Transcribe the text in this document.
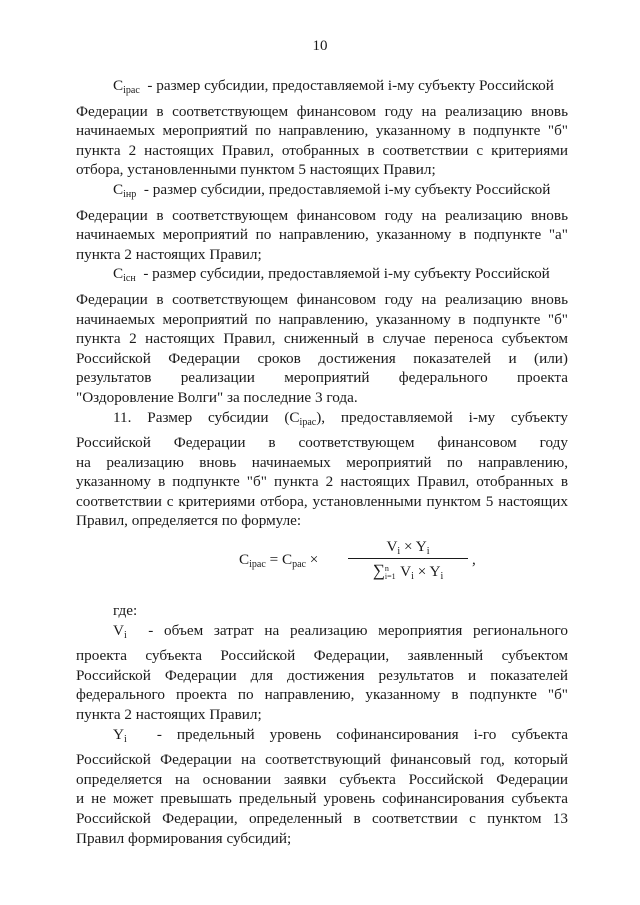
10
Сiрас - размер субсидии, предоставляемой i-му субъекту Российской
Федерации в соответствующем финансовом году на реализацию вновь
начинаемых мероприятий по направлению, указанному в подпункте "б"
пункта 2 настоящих Правил, отобранных в соответствии с критериями
отбора, установленными пунктом 5 настоящих Правил;
Сiнр - размер субсидии, предоставляемой i-му субъекту Российской
Федерации в соответствующем финансовом году на реализацию вновь
начинаемых мероприятий по направлению, указанному в подпункте "а"
пункта 2 настоящих Правил;
Сiсн - размер субсидии, предоставляемой i-му субъекту Российской
Федерации в соответствующем финансовом году на реализацию вновь
начинаемых мероприятий по направлению, указанному в подпункте "б"
пункта 2 настоящих Правил, сниженный в случае переноса субъектом
Российской Федерации сроков достижения показателей и (или)
результатов реализации мероприятий федерального проекта
"Оздоровление Волги" за последние 3 года.
11. Размер субсидии (Сiрас), предоставляемой i-му субъекту
Российской Федерации в соответствующем финансовом году
на реализацию вновь начинаемых мероприятий по направлению,
указанному в подпункте "б" пункта 2 настоящих Правил, отобранных в
соответствии с критериями отбора, установленными пунктом 5 настоящих
Правил, определяется по формуле:
Сiрас = Срас ×
Vi × Yi
∑n
i=1 Vi × Yi
,
где:
Vi - объем затрат на реализацию мероприятия регионального
проекта субъекта Российской Федерации, заявленный субъектом
Российской Федерации для достижения результатов и показателей
федерального проекта по направлению, указанному в подпункте "б"
пункта 2 настоящих Правил;
Yi - предельный уровень софинансирования i-го субъекта
Российской Федерации на соответствующий финансовый год, который
определяется на основании заявки субъекта Российской Федерации
и не может превышать предельный уровень софинансирования субъекта
Российской Федерации, определенный в соответствии с пунктом 13
Правил формирования субсидий;
